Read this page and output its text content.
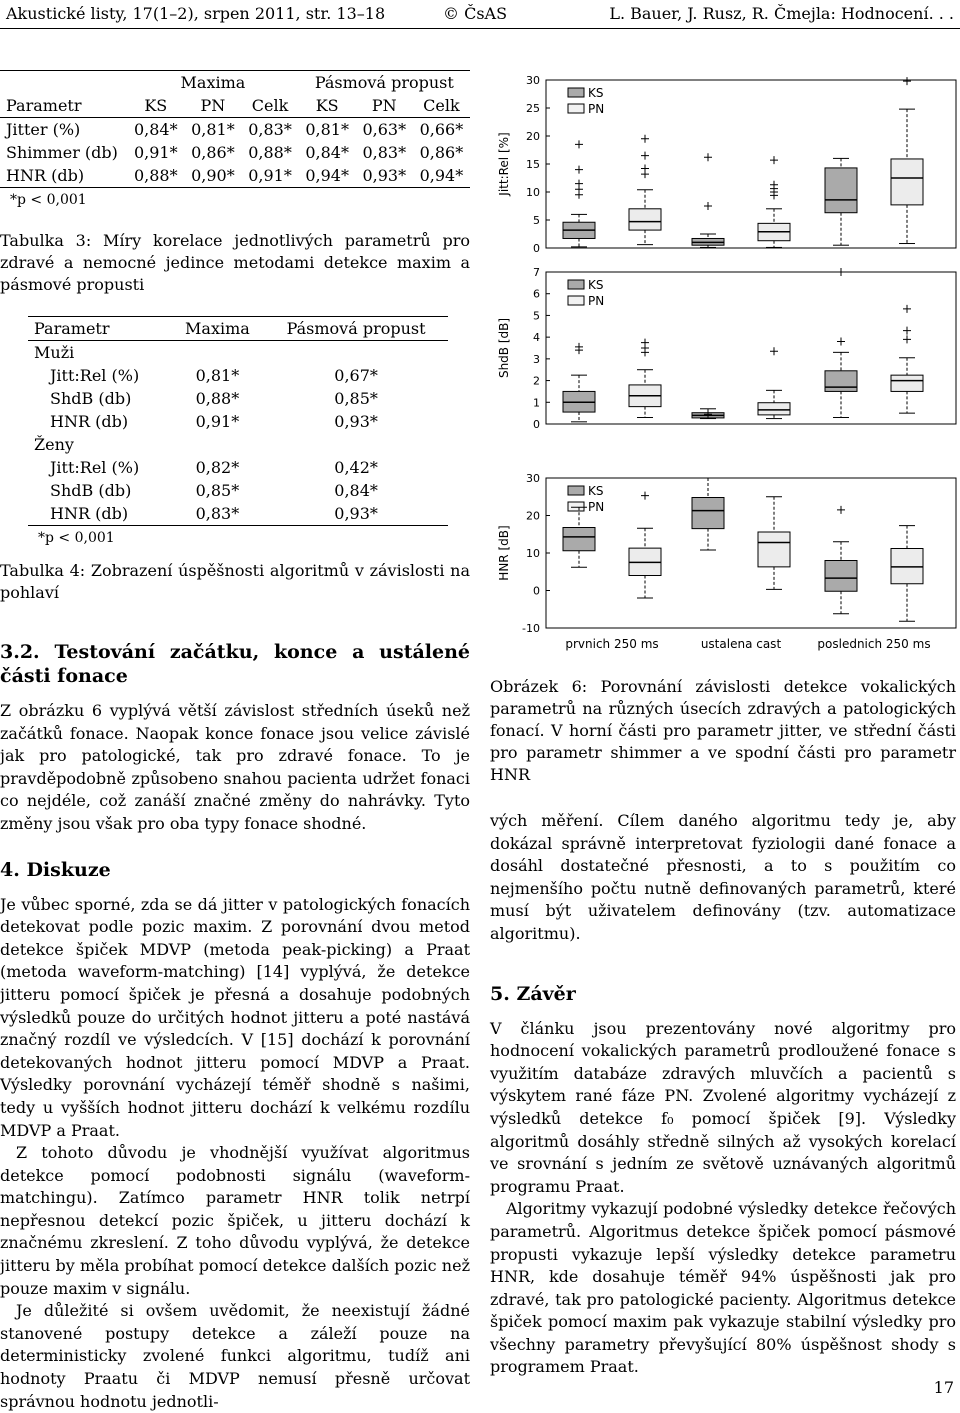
Akustické listy, 17(1–2), srpen 2011, str. 13–18	© ČsAS	L. Bauer, J. Rusz, R. Čmejla: Hodnocení. . .
	Maxima			Pásmová propust		
Parametr	KS	PN	Celk	KS	PN	Celk
Jitter (%)	0,84*	0,81*	0,83*	0,81*	0,63*	0,66*
Shimmer (db)	0,91*	0,86*	0,88*	0,84*	0,83*	0,86*
HNR (db)	0,88*	0,90*	0,91*	0,94*	0,93*	0,94*
*p < 0,001						
Tabulka 3: Míry korelace jednotlivých parametrů pro zdravé a nemocné jedince metodami detekce maxim a pásmové propusti
Parametr	Maxima	Pásmová propust
Muži		
Jitt:Rel (%)	0,81*	0,67*
ShdB (db)	0,88*	0,85*
HNR (db)	0,91*	0,93*
Ženy		
Jitt:Rel (%)	0,82*	0,42*
ShdB (db)	0,85*	0,84*
HNR (db)	0,83*	0,93*
*p < 0,001		
Tabulka 4: Zobrazení úspěšnosti algoritmů v závislosti na pohlaví
3.2. Testování začátku, konce a ustálené části fonace

Z obrázku 6 vyplývá větší závislost středních úseků než začátků fonace. Naopak konce fonace jsou velice závislé jak pro patologické, tak pro zdravé fonace. To je pravděpodobně způsobeno snahou pacienta udržet fonaci co nejdéle, což zanáší značné změny do nahrávky. Tyto změny jsou však pro oba typy fonace shodné.

4. Diskuze

Je vůbec sporné, zda se dá jitter v patologických fonacích detekovat podle pozic maxim. Z porovnání dvou metod detekce špiček MDVP (metoda peak-picking) a Praat (metoda waveform-matching) [14] vyplývá, že detekce jitteru pomocí špiček je přesná a dosahuje podobných výsledků pouze do určitých hodnot jitteru a poté nastává značný rozdíl ve výsledcích. V [15] dochází k porovnání detekovaných hodnot jitteru pomocí MDVP a Praat. Výsledky porovnání vycházejí téměř shodně s našimi, tedy u vyšších hodnot jitteru dochází k velkému rozdílu MDVP a Praat.

Z tohoto důvodu je vhodnější využívat algoritmus detekce pomocí podobnosti signálu (waveform-matchingu). Zatímco parametr HNR tolik netrpí nepřesnou detekcí pozic špiček, u jitteru dochází k značnému zkreslení. Z toho důvodu vyplývá, že detekce jitteru by měla probíhat pomocí detekce dalších pozic než pouze maxim v signálu.

Je důležité si ovšem uvědomit, že neexistují žádné stanovené postupy detekce a záleží pouze na deterministicky zvolené funkci algoritmu, tudíž ani hodnoty Praatu či MDVP nemusí přesně určovat správnou hodnotu jednotli-

0
5
10
15
20
25
30
Jitt:Rel [%]
KS
PN
0
1
2
3
4
5
6
7
ShdB [dB]
KS
PN
-10
0
10
20
30
HNR [dB]
KS
PN
prvnich 250 ms	ustalena cast	poslednich 250 ms
Obrázek 6: Porovnání závislosti detekce vokalických parametrů na různých úsecích zdravých a patologických fonací. V horní části pro parametr jitter, ve střední části pro parametr shimmer a ve spodní části pro parametr HNR

vých měření. Cílem daného algoritmu tedy je, aby dokázal správně interpretovat fyziologii dané fonace a dosáhl dostatečné přesnosti, a to s použitím co nejmenšího počtu nutně definovaných parametrů, které musí být uživatelem definovány (tzv. automatizace algoritmu).

5. Závěr

V článku jsou prezentovány nové algoritmy pro hodnocení vokalických parametrů prodloužené fonace s využitím databáze zdravých mluvčích a pacientů s výskytem rané fáze PN. Zvolené algoritmy vycházejí z výsledků detekce f₀ pomocí špiček [9]. Výsledky algoritmů dosáhly středně silných až vysokých korelací ve srovnání s jedním ze světově uznávaných algoritmů programu Praat.

Algoritmy vykazují podobné výsledky detekce řečových parametrů. Algoritmus detekce špiček pomocí pásmové propusti vykazuje lepší výsledky detekce parametru HNR, kde dosahuje téměř 94% úspěšnosti jak pro zdravé, tak pro patologické pacienty. Algoritmus detekce špiček pomocí maxim pak vykazuje stabilní výsledky pro všechny parametry převyšující 80% úspěšnost shody s programem Praat.

17
